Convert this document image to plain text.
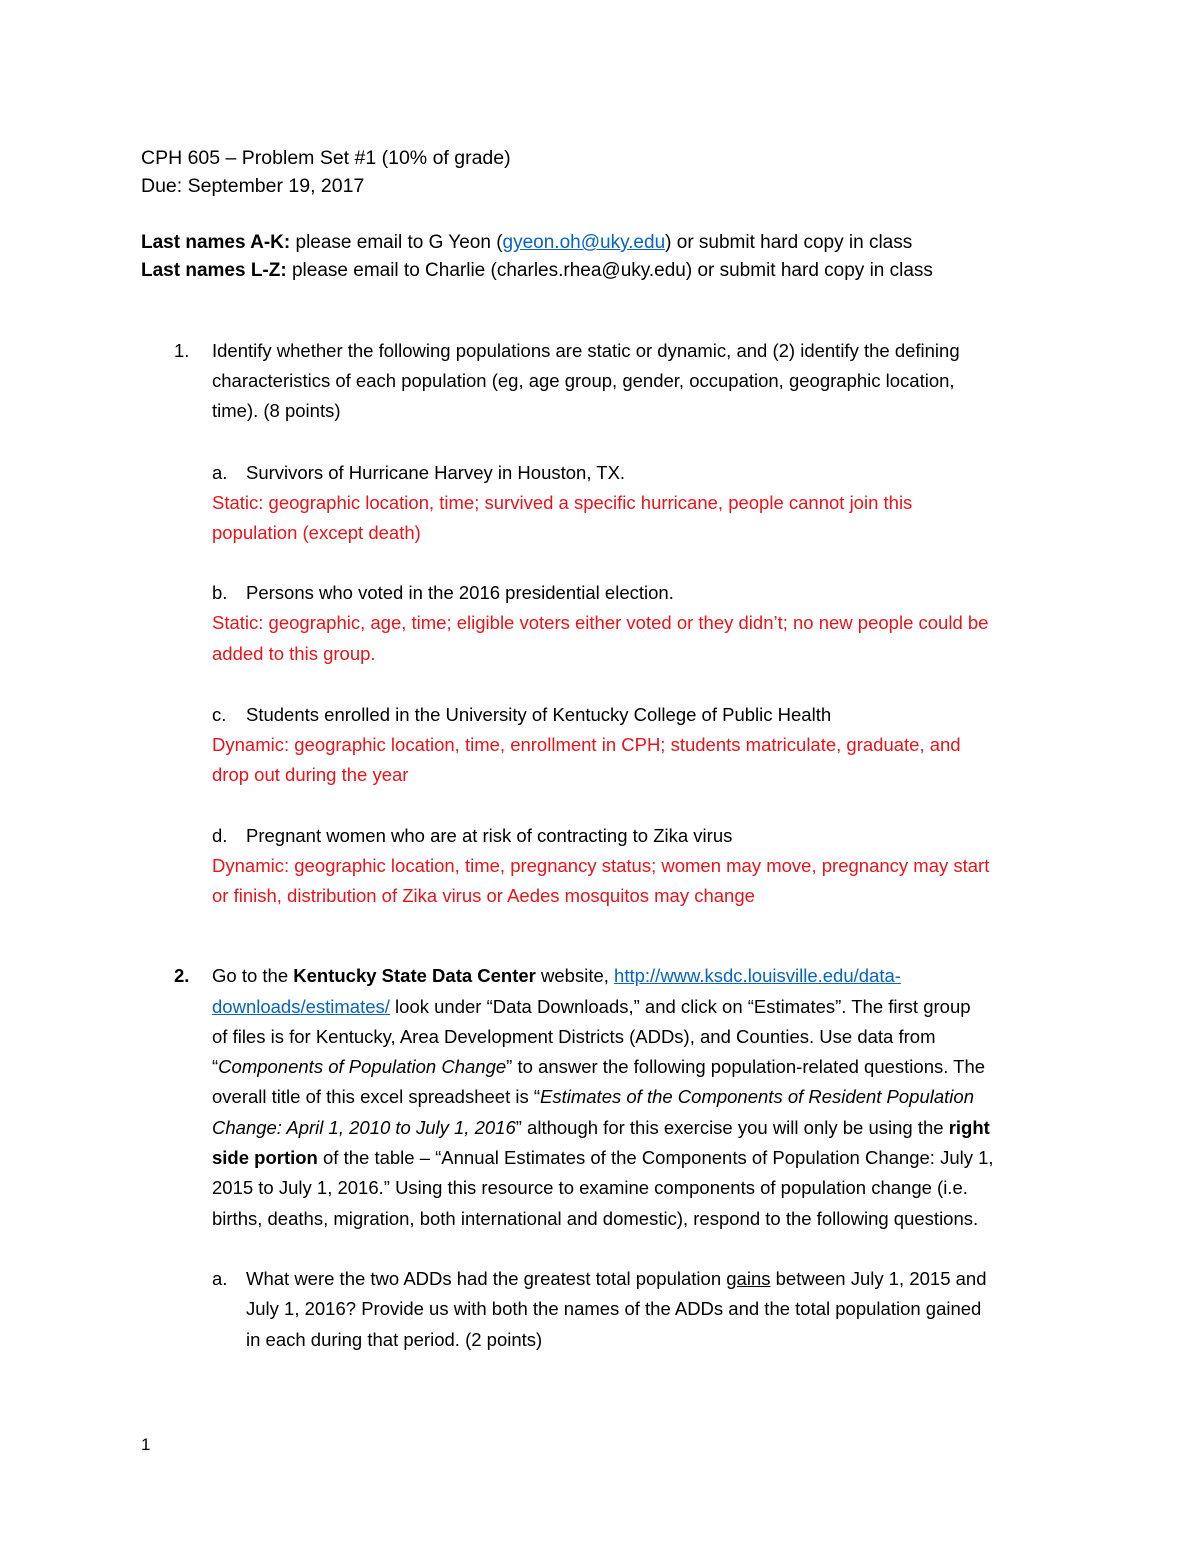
CPH 605 – Problem Set #1 (10% of grade)
Due: September 19, 2017
Last names A-K: please email to G Yeon (gyeon.oh@uky.edu) or submit hard copy in class
Last names L-Z: please email to Charlie (charles.rhea@uky.edu) or submit hard copy in class
1. Identify whether the following populations are static or dynamic, and (2) identify the defining
characteristics of each population (eg, age group, gender, occupation, geographic location,
time). (8 points)
a. Survivors of Hurricane Harvey in Houston, TX.
Static: geographic location, time; survived a specific hurricane, people cannot join this
population (except death)
b. Persons who voted in the 2016 presidential election.
Static: geographic, age, time; eligible voters either voted or they didn’t; no new people could be
added to this group.
c. Students enrolled in the University of Kentucky College of Public Health
Dynamic: geographic location, time, enrollment in CPH; students matriculate, graduate, and
drop out during the year
d. Pregnant women who are at risk of contracting to Zika virus
Dynamic: geographic location, time, pregnancy status; women may move, pregnancy may start
or finish, distribution of Zika virus or Aedes mosquitos may change
2. Go to the Kentucky State Data Center website, http://www.ksdc.louisville.edu/data-
downloads/estimates/ look under “Data Downloads,” and click on “Estimates”. The first group
of files is for Kentucky, Area Development Districts (ADDs), and Counties. Use data from
“Components of Population Change” to answer the following population-related questions. The
overall title of this excel spreadsheet is “Estimates of the Components of Resident Population
Change: April 1, 2010 to July 1, 2016” although for this exercise you will only be using the right
side portion of the table – “Annual Estimates of the Components of Population Change: July 1,
2015 to July 1, 2016.” Using this resource to examine components of population change (i.e.
births, deaths, migration, both international and domestic), respond to the following questions.
a. What were the two ADDs had the greatest total population gains between July 1, 2015 and
July 1, 2016? Provide us with both the names of the ADDs and the total population gained
in each during that period. (2 points)
1
